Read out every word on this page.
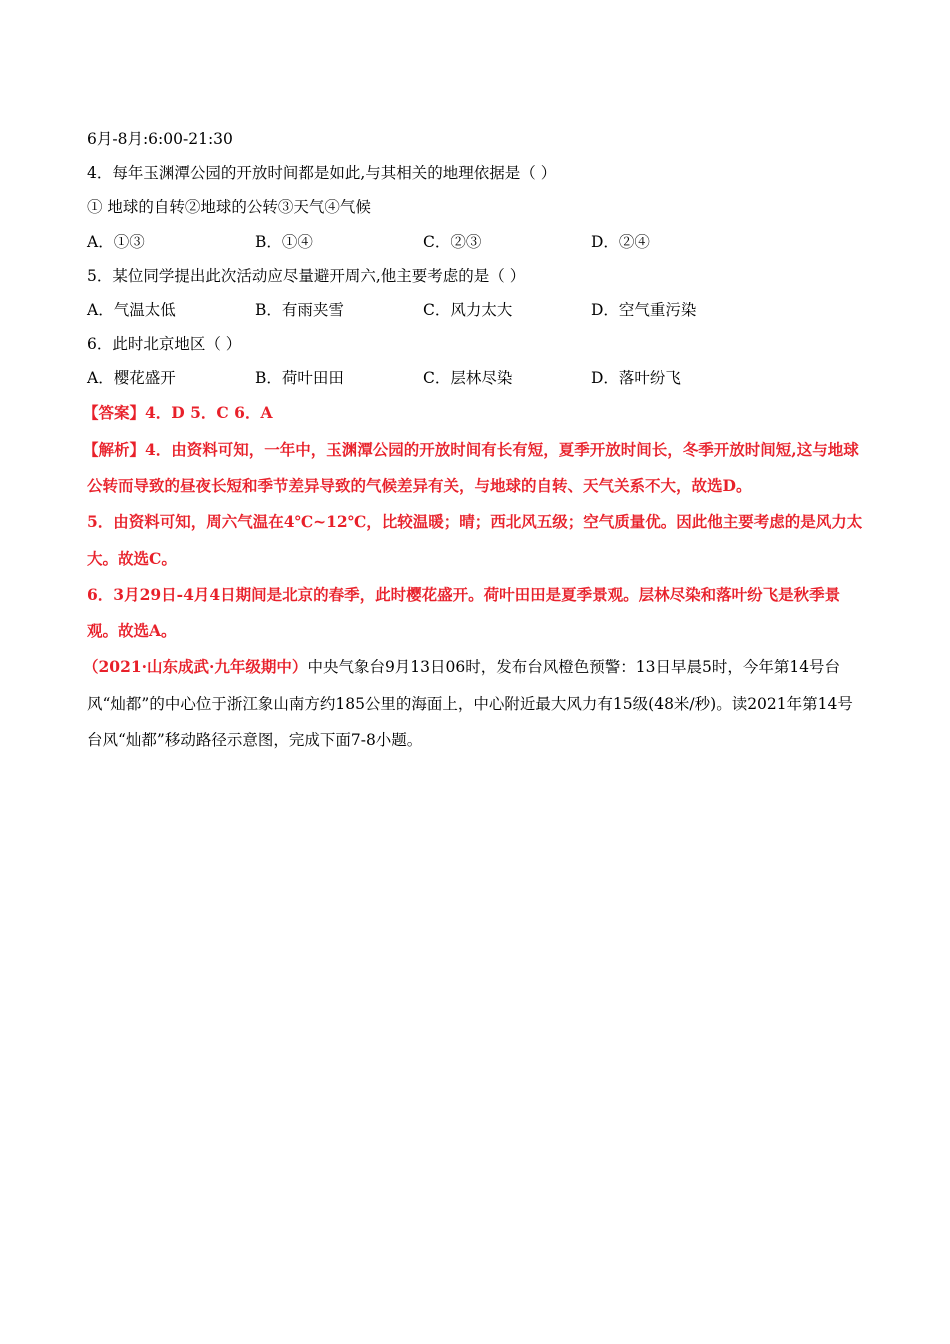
6月-8月:6:00-21:30
4．每年玉渊潭公园的开放时间都是如此,与其相关的地理依据是（ ）
① 地球的自转②地球的公转③天气④气候
A．①③	B．①④	C．②③	D．②④
5．某位同学提出此次活动应尽量避开周六,他主要考虑的是（ ）
A．气温太低	B．有雨夹雪	C．风力太大	D．空气重污染
6．此时北京地区（ ）
A．樱花盛开	B．荷叶田田	C．层林尽染	D．落叶纷飞
【答案】4．D 5．C 6．A
【解析】4．由资料可知，一年中，玉渊潭公园的开放时间有长有短，夏季开放时间长，冬季开放时间短,这与地球公转而导致的昼夜长短和季节差异导致的气候差异有关，与地球的自转、天气关系不大，故选D。
5．由资料可知，周六气温在4℃~12℃，比较温暖；晴；西北风五级；空气质量优。因此他主要考虑的是风力太大。故选C。
6．3月29日-4月4日期间是北京的春季，此时樱花盛开。荷叶田田是夏季景观。层林尽染和落叶纷飞是秋季景观。故选A。
（2021·山东成武·九年级期中）中央气象台9月13日06时，发布台风橙色预警：13日早晨5时，今年第14号台风“灿都”的中心位于浙江象山南方约185公里的海面上，中心附近最大风力有15级(48米/秒)。读2021年第14号台风“灿都”移动路径示意图，完成下面7-8小题。
